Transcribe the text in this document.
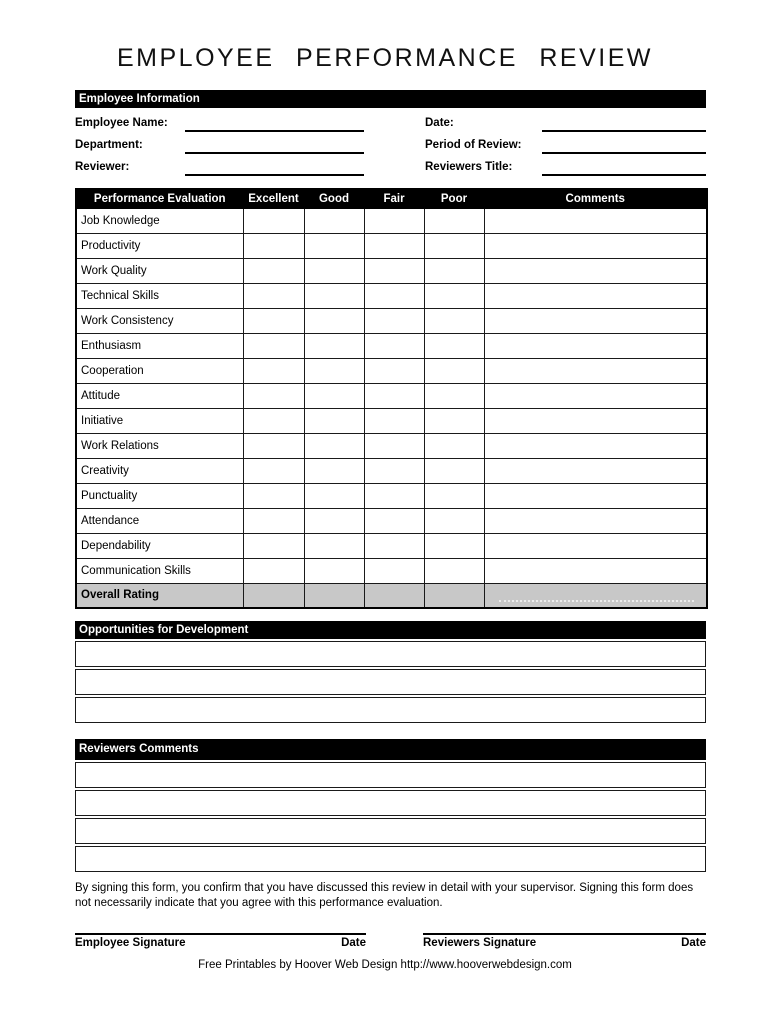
EMPLOYEE PERFORMANCE REVIEW
Employee Information
Employee Name:
Department:
Reviewer:
Date:
Period of Review:
Reviewers Title:
Performance Evaluation	Excellent	Good	Fair	Poor	Comments
Job Knowledge					
Productivity					
Work Quality					
Technical Skills					
Work Consistency					
Enthusiasm					
Cooperation					
Attitude					
Initiative					
Work Relations					
Creativity					
Punctuality					
Attendance					
Dependability					
Communication Skills					
Overall Rating					
Opportunities for Development
Reviewers Comments
By signing this form, you confirm that you have discussed this review in detail with your supervisor. Signing this form does not necessarily indicate that you agree with this performance evaluation.
Employee Signature	Date	Reviewers Signature	Date
Free Printables by Hoover Web Design http://www.hooverwebdesign.com
